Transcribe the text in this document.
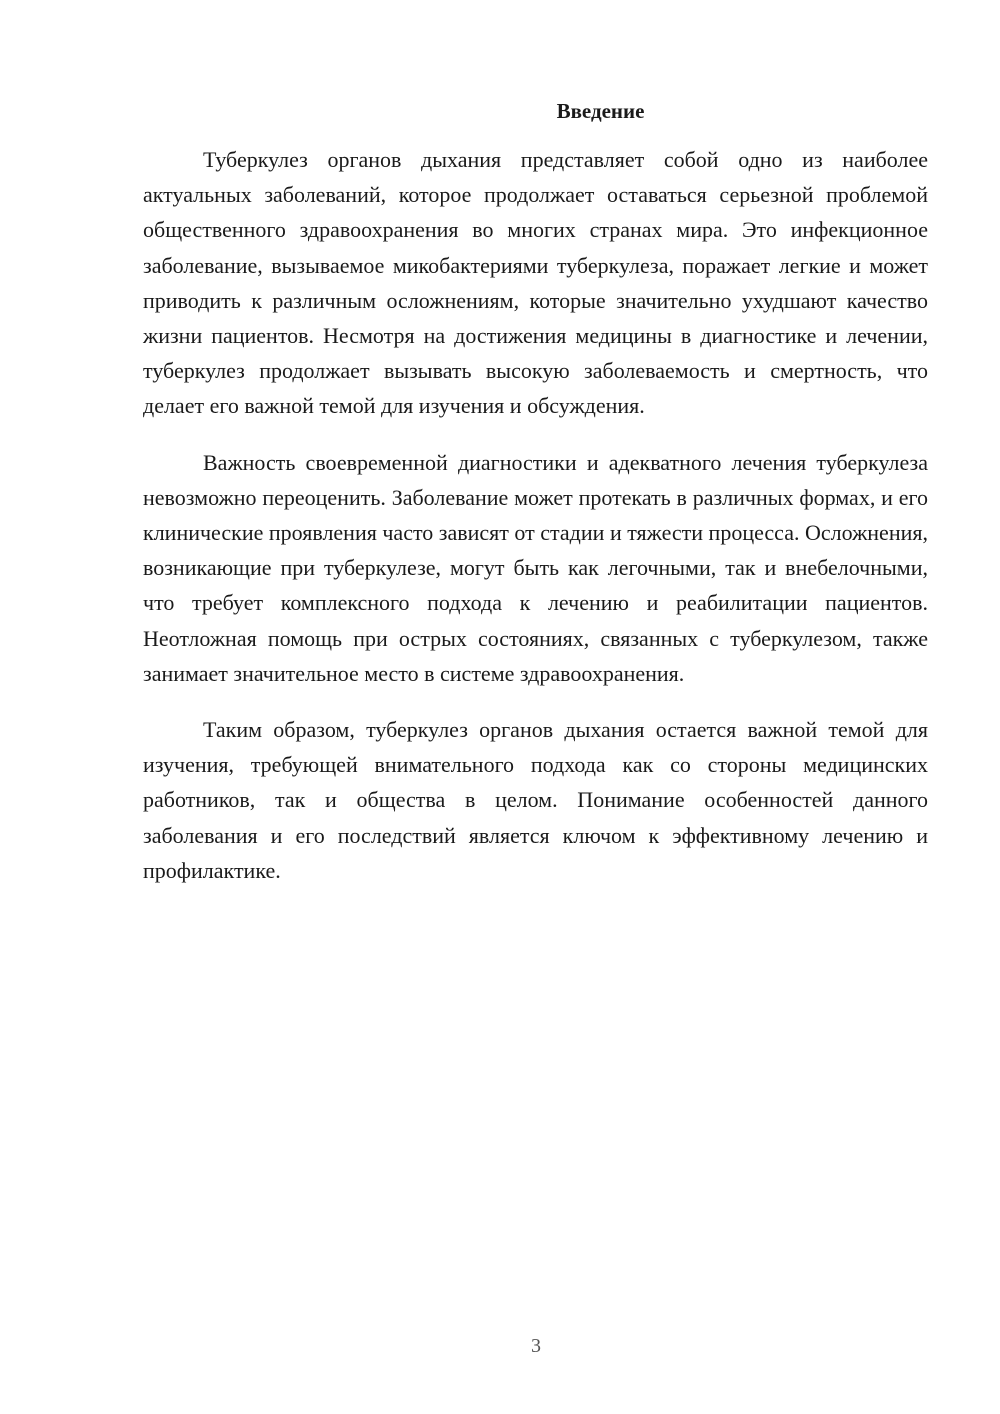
Введение

Туберкулез органов дыхания представляет собой одно из наиболее актуальных заболеваний, которое продолжает оставаться серьезной проблемой общественного здравоохранения во многих странах мира. Это инфекционное заболевание, вызываемое микобактериями туберкулеза, поражает легкие и может приводить к различным осложнениям, которые значительно ухудшают качество жизни пациентов. Несмотря на достижения медицины в диагностике и лечении, туберкулез продолжает вызывать высокую заболеваемость и смертность, что делает его важной темой для изучения и обсуждения.

Важность своевременной диагностики и адекватного лечения туберкулеза невозможно переоценить. Заболевание может протекать в различных формах, и его клинические проявления часто зависят от стадии и тяжести процесса. Осложнения, возникающие при туберкулезе, могут быть как легочными, так и внебелочными, что требует комплексного подхода к лечению и реабилитации пациентов. Неотложная помощь при острых состояниях, связанных с туберкулезом, также занимает значительное место в системе здравоохранения.

Таким образом, туберкулез органов дыхания остается важной темой для изучения, требующей внимательного подхода как со стороны медицинских работников, так и общества в целом. Понимание особенностей данного заболевания и его последствий является ключом к эффективному лечению и профилактике.

3
